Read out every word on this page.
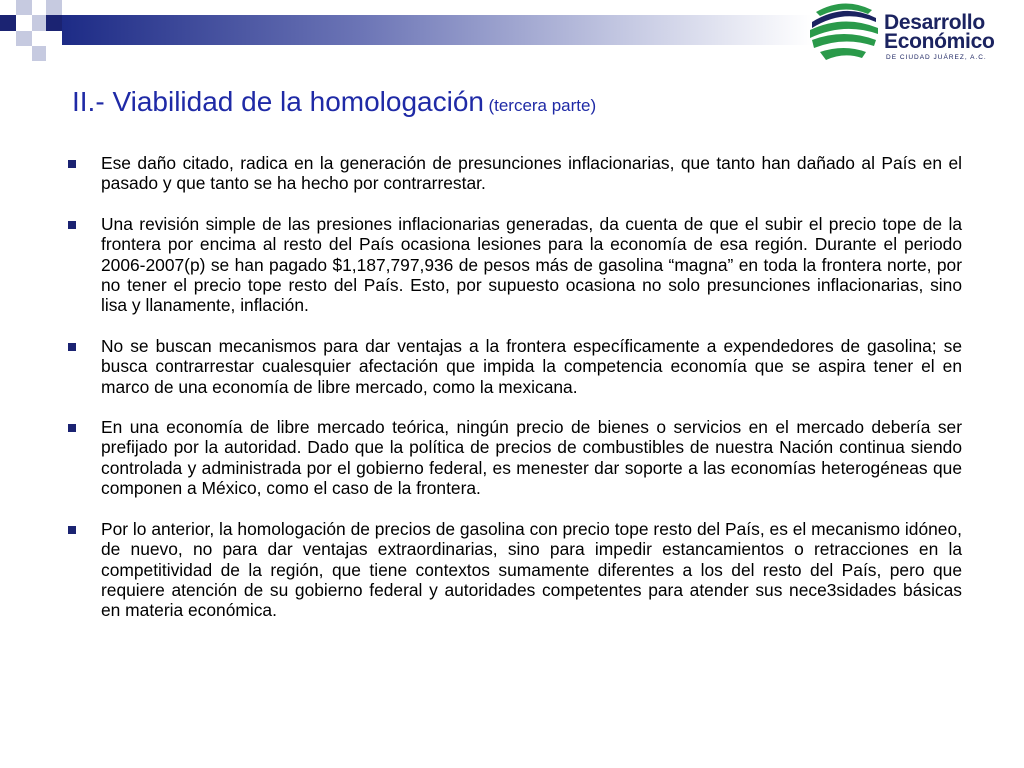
Desarrollo
Económico
DE CIUDAD JUÁREZ, A.C.
II.- Viabilidad de la homologación (tercera parte)
Ese daño citado, radica en la generación de presunciones inflacionarias, que tanto han dañado al País en el pasado y que tanto se ha hecho por contrarrestar.
Una revisión simple de las presiones inflacionarias generadas, da cuenta de que el subir el precio tope de la frontera por encima al resto del País ocasiona lesiones para la economía de esa región. Durante el periodo 2006-2007(p) se han pagado $1,187,797,936 de pesos más de gasolina “magna” en toda la frontera norte, por no tener el precio tope resto del País. Esto, por supuesto ocasiona no solo presunciones inflacionarias, sino lisa y llanamente, inflación.
No se buscan mecanismos para dar ventajas a la frontera específicamente a expendedores de gasolina; se busca contrarrestar cualesquier afectación que impida la competencia economía que se aspira tener el en marco de una economía de libre mercado, como la mexicana.
En una economía de libre mercado teórica, ningún precio de bienes o servicios en el mercado debería ser prefijado por la autoridad. Dado que la política de precios de combustibles de nuestra Nación continua siendo controlada y administrada por el gobierno federal, es menester dar soporte a las economías heterogéneas que componen a México, como el caso de la frontera.
Por lo anterior, la homologación de precios de gasolina con precio tope resto del País, es el mecanismo idóneo, de nuevo, no para dar ventajas extraordinarias, sino para impedir estancamientos o retracciones en la competitividad de la región, que tiene contextos sumamente diferentes a los del resto del País, pero que requiere atención de su gobierno federal y autoridades competentes para atender sus nece3sidades básicas en materia económica.
